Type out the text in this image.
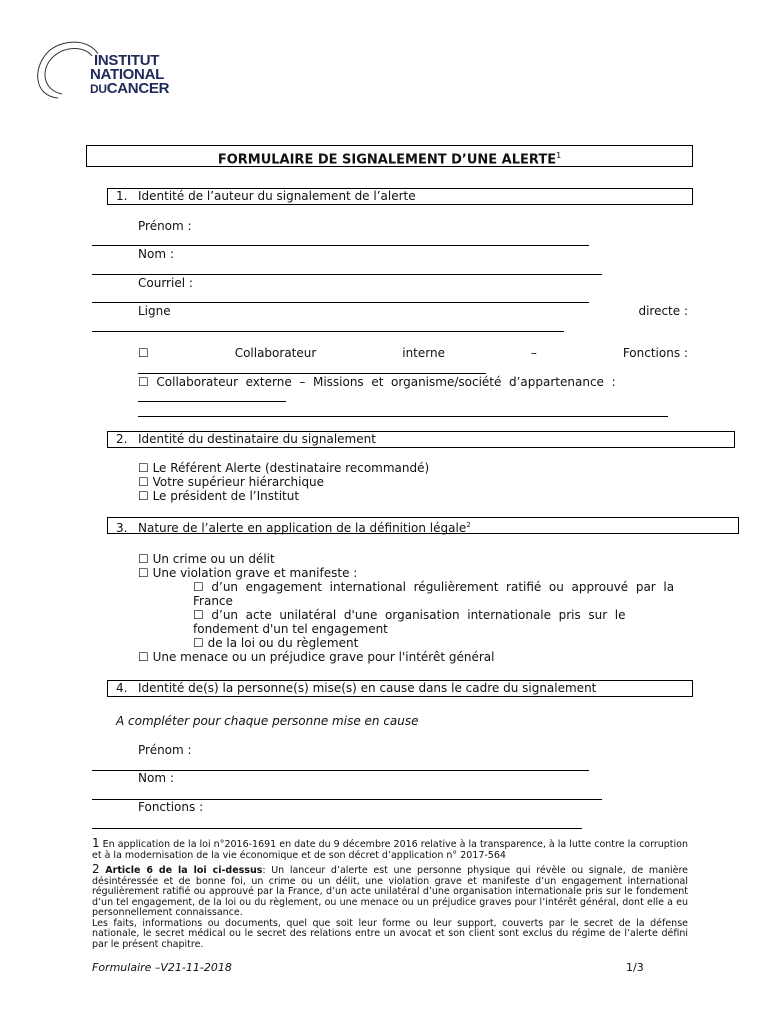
INSTITUT
NATIONAL
DUCANCER
FORMULAIRE DE SIGNALEMENT D’UNE ALERTE$^1$
1. Identité de l’auteur du signalement de l’alerte
Prénom :
Nom :
Courriel :
Ligne	directe :
☐	Collaborateur	interne	–	Fonctions :
☐  Collaborateur  externe  –  Missions  et  organisme/société  d’appartenance  :
2. Identité du destinataire du signalement
☐ Le Référent Alerte (destinataire recommandé)
☐ Votre supérieur hiérarchique
☐ Le président de l’Institut
3. Nature de l’alerte en application de la définition légale$^2$
☐ Un crime ou un délit
☐ Une violation grave et manifeste :
☐  d’un  engagement  international  régulièrement  ratifié  ou  approuvé  par  la
France
☐  d’un  acte  unilatéral  d'une  organisation  internationale  pris  sur  le
fondement d'un tel engagement
☐ de la loi ou du règlement
☐ Une menace ou un préjudice grave pour l'intérêt général
4. Identité de(s) la personne(s) mise(s) en cause dans le cadre du signalement
A compléter pour chaque personne mise en cause
Prénom :
Nom :
Fonctions :
1 En application de la loi n°2016-1691 en date du 9 décembre 2016 relative à la transparence, à la lutte contre la corruption et à la modernisation de la vie économique et de son décret d’application n° 2017-564
2 Article 6 de la loi ci-dessus: Un lanceur d’alerte est une personne physique qui révèle ou signale, de manière désintéressée et de bonne foi, un crime ou un délit, une violation grave et manifeste d’un engagement international régulièrement ratifié ou approuvé par la France, d’un acte unilatéral d’une organisation internationale pris sur le fondement d’un tel engagement, de la loi ou du règlement, ou une menace ou un préjudice graves pour l’intérêt général, dont elle a eu personnellement connaissance.
Les faits, informations ou documents, quel que soit leur forme ou leur support, couverts par le secret de la défense nationale, le secret médical ou le secret des relations entre un avocat et son client sont exclus du régime de l’alerte défini par le présent chapitre.
Formulaire –V21-11-2018	1/3
